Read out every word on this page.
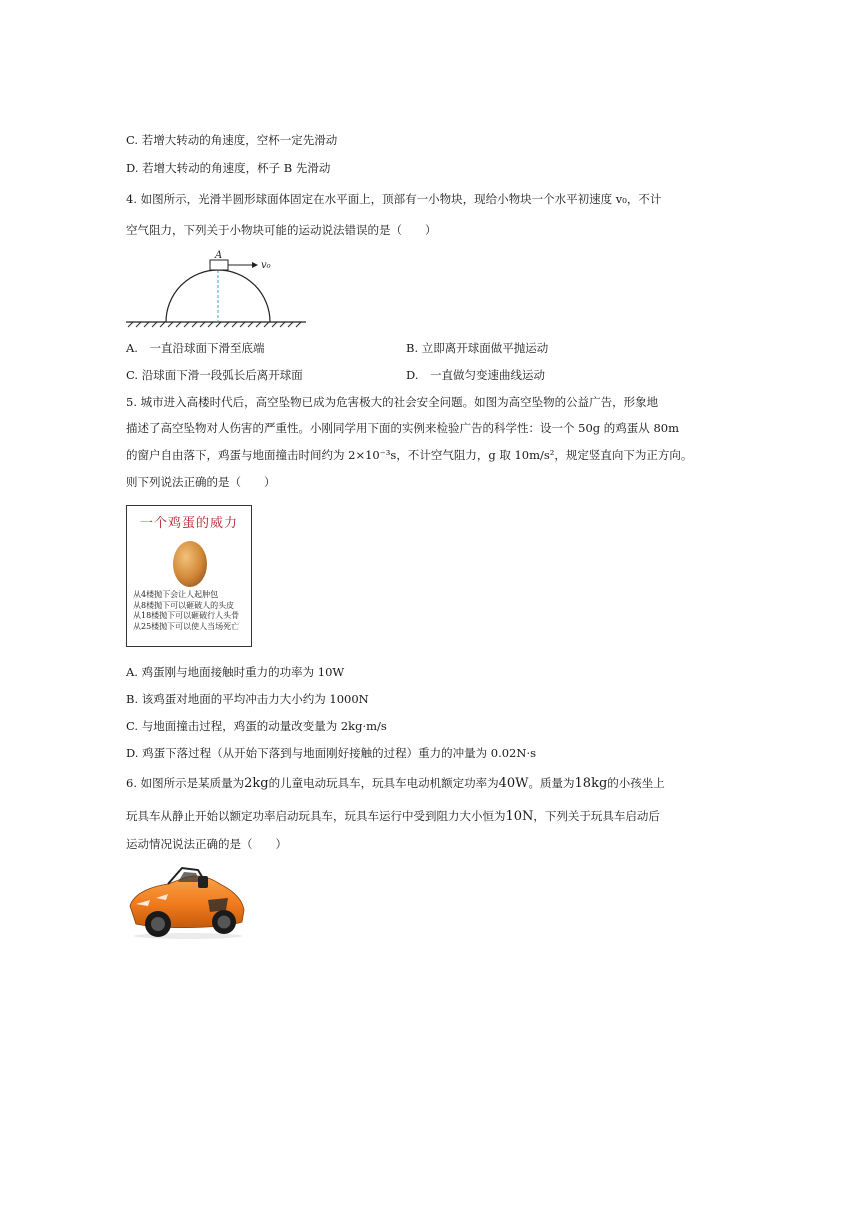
C. 若增大转动的角速度，空杯一定先滑动
D. 若增大转动的角速度，杯子 B 先滑动
4. 如图所示，光滑半圆形球面体固定在水平面上，顶部有一小物块，现给小物块一个水平初速度 v₀，不计
空气阻力，下列关于小物块可能的运动说法错误的是（　　）
A
v₀
A.　一直沿球面下滑至底端	B. 立即离开球面做平抛运动
C. 沿球面下滑一段弧长后离开球面	D.　一直做匀变速曲线运动
5. 城市进入高楼时代后，高空坠物已成为危害极大的社会安全问题。如图为高空坠物的公益广告，形象地
描述了高空坠物对人伤害的严重性。小刚同学用下面的实例来检验广告的科学性：设一个 50g 的鸡蛋从 80m
的窗户自由落下，鸡蛋与地面撞击时间约为 2×10⁻³s，不计空气阻力，g 取 10m/s²，规定竖直向下为正方向。
则下列说法正确的是（　　）
一个鸡蛋的威力
从4楼抛下会让人起肿包
从8楼抛下可以砸破人的头皮
从18楼抛下可以砸破行人头骨
从25楼抛下可以使人当场死亡
A. 鸡蛋刚与地面接触时重力的功率为 10W
B. 该鸡蛋对地面的平均冲击力大小约为 1000N
C. 与地面撞击过程，鸡蛋的动量改变量为 2kg·m/s
D. 鸡蛋下落过程（从开始下落到与地面刚好接触的过程）重力的冲量为 0.02N·s
6. 如图所示是某质量为2kg的儿童电动玩具车，玩具车电动机额定功率为40W。质量为18kg的小孩坐上
玩具车从静止开始以额定功率启动玩具车，玩具车运行中受到阻力大小恒为10N，下列关于玩具车启动后
运动情况说法正确的是（　　）
